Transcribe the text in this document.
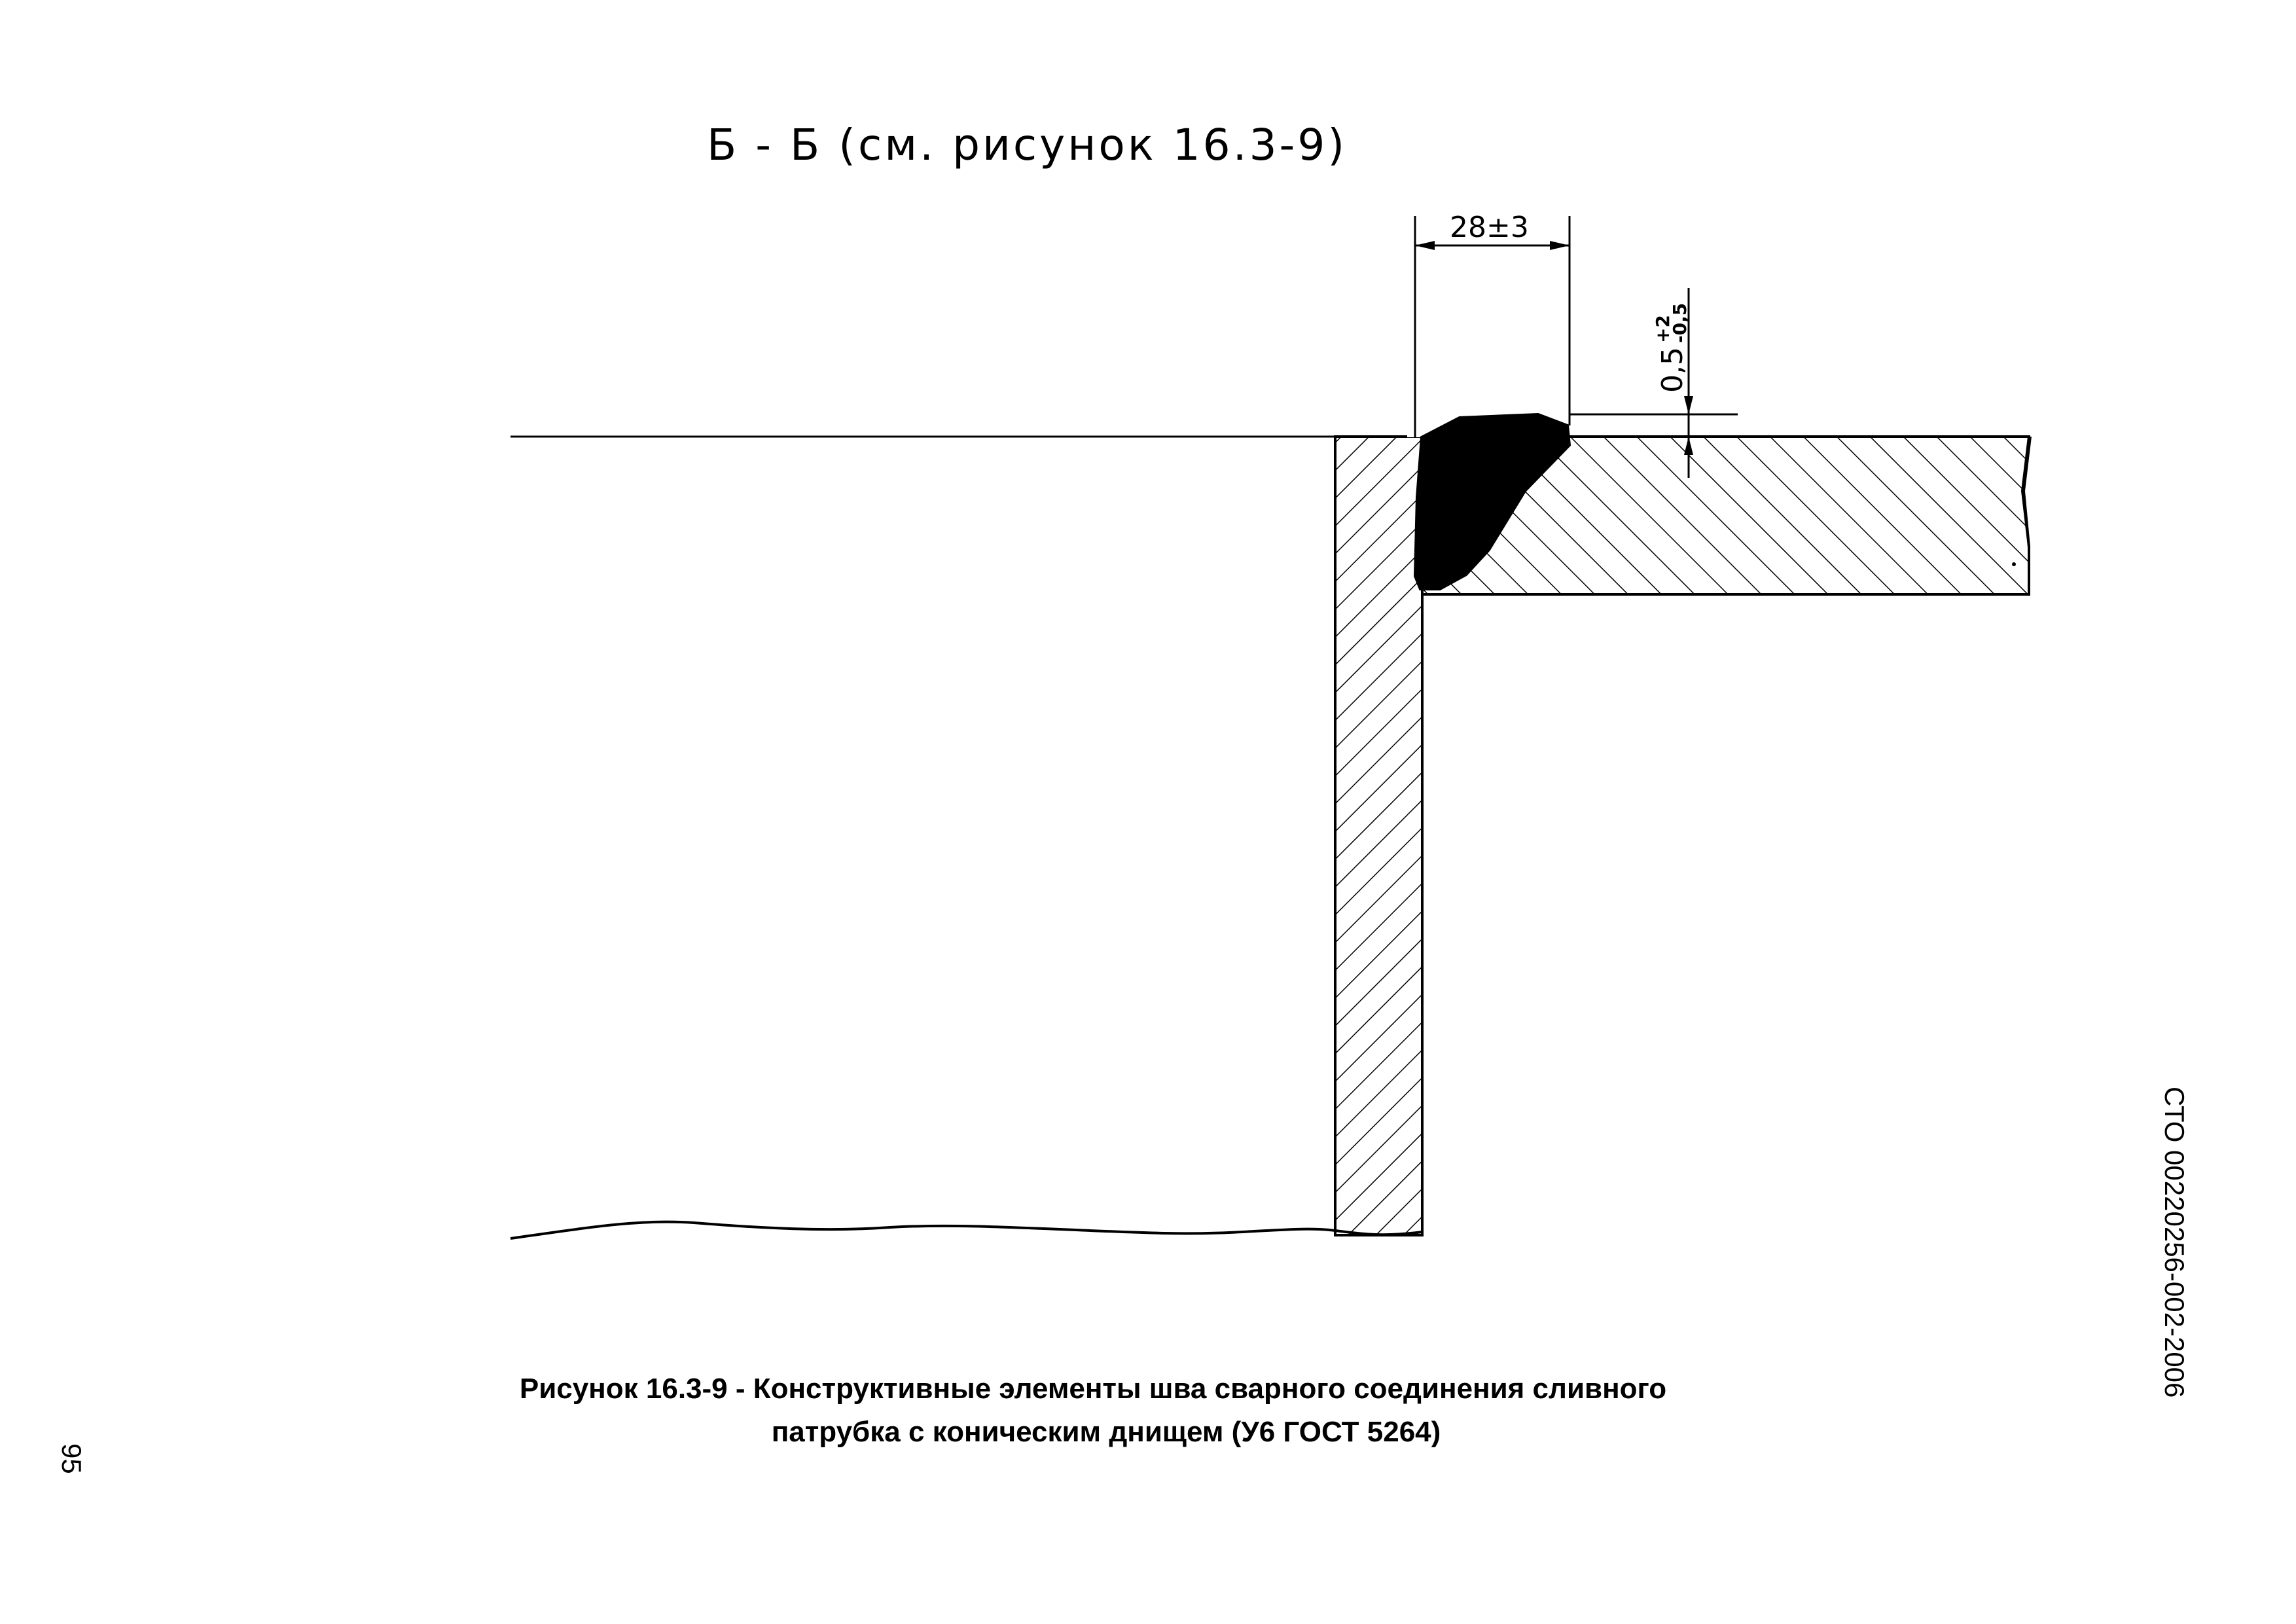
Б - Б (см. рисунок 16.3-9)
28±3
0,5
+2
-0,5
Рисунок 16.3-9 - Конструктивные элементы шва сварного соединения сливного
патрубка с коническим днищем (У6 ГОСТ 5264)
95
СТО 00220256-002-2006
